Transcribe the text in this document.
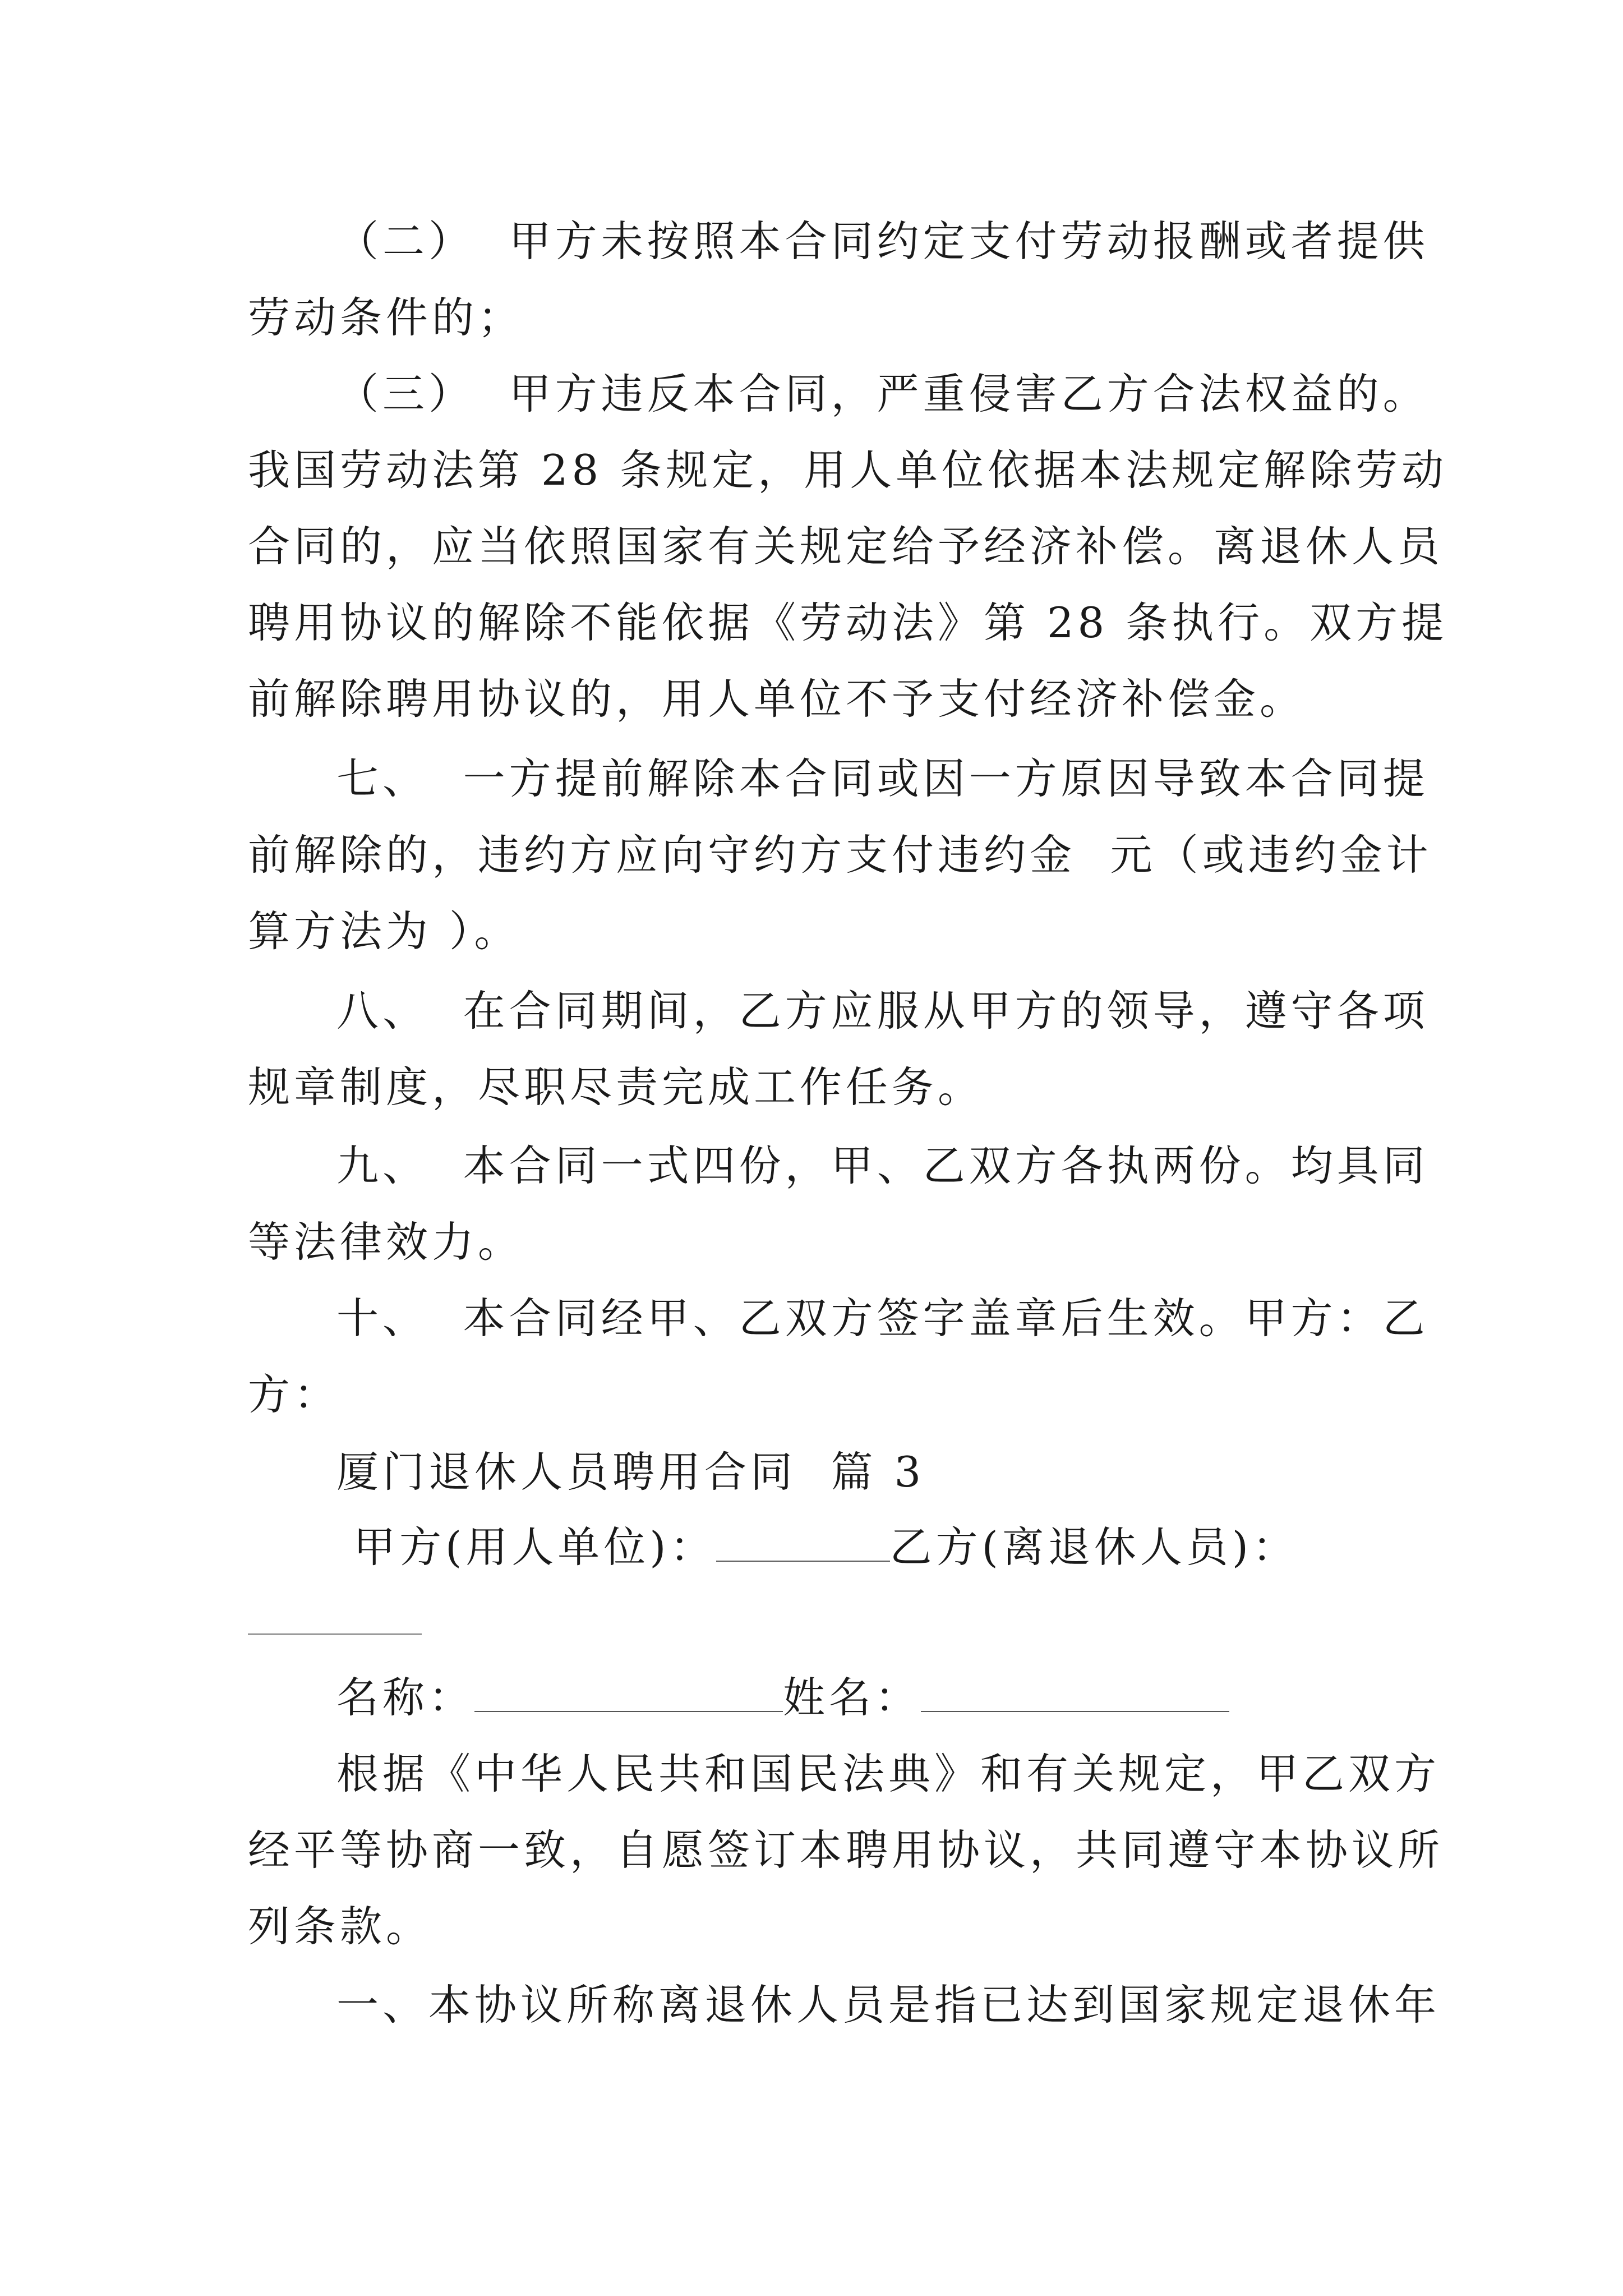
（二）  甲方未按照本合同约定支付劳动报酬或者提供
劳动条件的；
（三）  甲方违反本合同，严重侵害乙方合法权益的。
我国劳动法第 28 条规定，用人单位依据本法规定解除劳动
合同的，应当依照国家有关规定给予经济补偿。离退休人员
聘用协议的解除不能依据《劳动法》第 28 条执行。双方提
前解除聘用协议的，用人单位不予支付经济补偿金。
七、  一方提前解除本合同或因一方原因导致本合同提
前解除的，违约方应向守约方支付违约金  元（或违约金计
算方法为 ）。
八、  在合同期间，乙方应服从甲方的领导，遵守各项
规章制度，尽职尽责完成工作任务。
九、  本合同一式四份，甲、乙双方各执两份。均具同
等法律效力。
十、  本合同经甲、乙双方签字盖章后生效。甲方：乙
方：
厦门退休人员聘用合同  篇 3
甲方(用人单位)：	乙方(离退休人员)：
名称：	姓名：
根据《中华人民共和国民法典》和有关规定，甲乙双方
经平等协商一致，自愿签订本聘用协议，共同遵守本协议所
列条款。
一、本协议所称离退休人员是指已达到国家规定退休年
